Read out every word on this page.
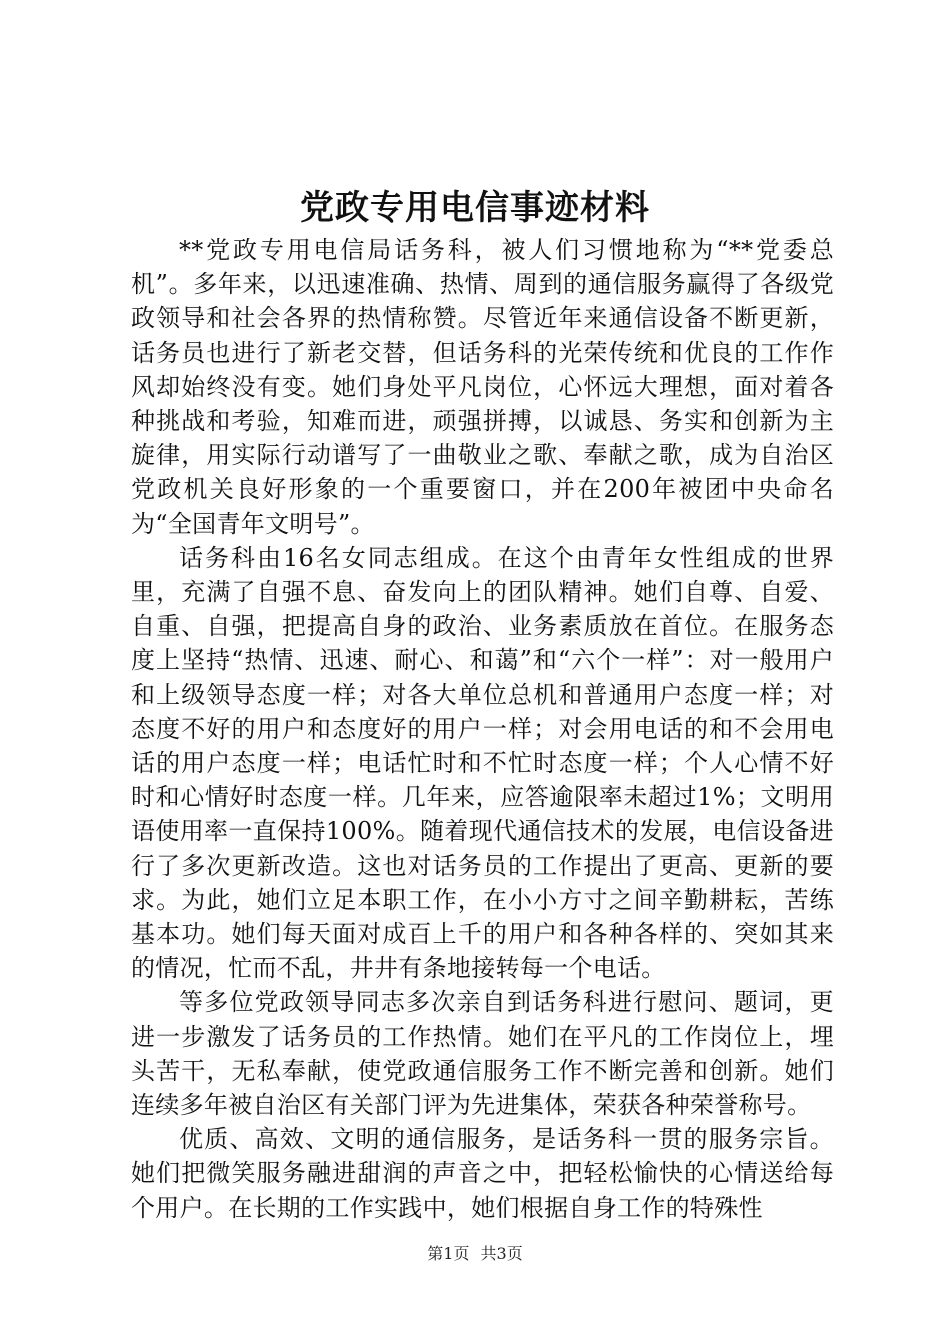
党政专用电信事迹材料

**党政专用电信局话务科，被人们习惯地称为“**党委总机”。多年来，以迅速准确、热情、周到的通信服务赢得了各级党政领导和社会各界的热情称赞。尽管近年来通信设备不断更新，话务员也进行了新老交替，但话务科的光荣传统和优良的工作作风却始终没有变。她们身处平凡岗位，心怀远大理想，面对着各种挑战和考验，知难而进，顽强拼搏，以诚恳、务实和创新为主旋律，用实际行动谱写了一曲敬业之歌、奉献之歌，成为自治区党政机关良好形象的一个重要窗口，并在200年被团中央命名为“全国青年文明号”。

话务科由16名女同志组成。在这个由青年女性组成的世界里，充满了自强不息、奋发向上的团队精神。她们自尊、自爱、自重、自强，把提高自身的政治、业务素质放在首位。在服务态度上坚持“热情、迅速、耐心、和蔼”和“六个一样”：对一般用户和上级领导态度一样；对各大单位总机和普通用户态度一样；对态度不好的用户和态度好的用户一样；对会用电话的和不会用电话的用户态度一样；电话忙时和不忙时态度一样；个人心情不好时和心情好时态度一样。几年来，应答逾限率未超过1%；文明用语使用率一直保持100%。随着现代通信技术的发展，电信设备进行了多次更新改造。这也对话务员的工作提出了更高、更新的要求。为此，她们立足本职工作，在小小方寸之间辛勤耕耘，苦练基本功。她们每天面对成百上千的用户和各种各样的、突如其来的情况，忙而不乱，井井有条地接转每一个电话。

等多位党政领导同志多次亲自到话务科进行慰问、题词，更进一步激发了话务员的工作热情。她们在平凡的工作岗位上，埋头苦干，无私奉献，使党政通信服务工作不断完善和创新。她们连续多年被自治区有关部门评为先进集体，荣获各种荣誉称号。

优质、高效、文明的通信服务，是话务科一贯的服务宗旨。她们把微笑服务融进甜润的声音之中，把轻松愉快的心情送给每个用户。在长期的工作实践中，她们根据自身工作的特殊性

第1页 共3页
